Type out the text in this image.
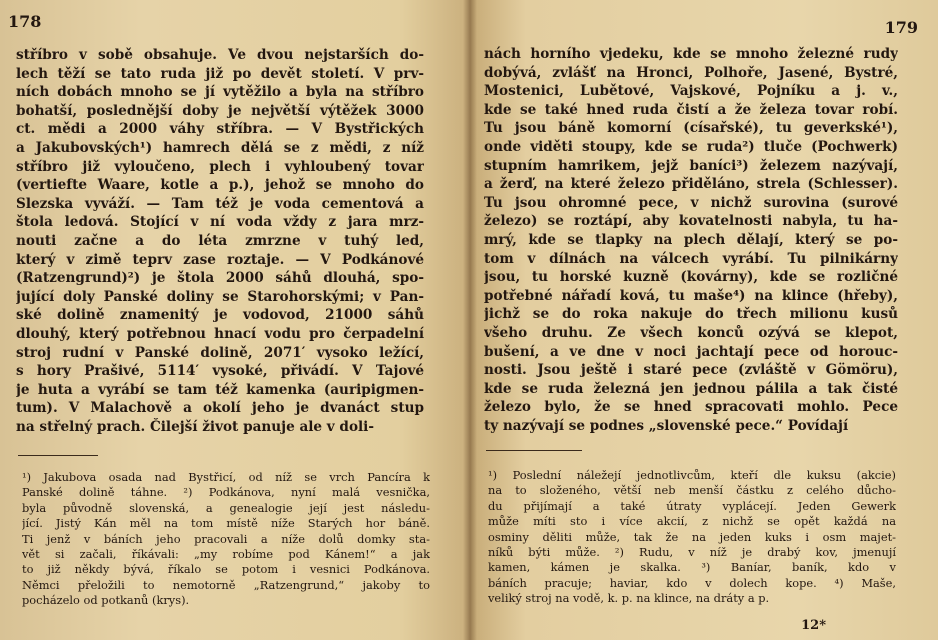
178
stříbro v sobě obsahuje. Ve dvou nejstarších do-
lech těží se tato ruda již po devět století. V prv-
ních dobách mnoho se jí vytěžilo a byla na stříbro
bohatší, poslednější doby je největší výtěžek 3000
ct. mědi a 2000 váhy stříbra. — V Bystřických
a Jakubovských¹) hamrech dělá se z mědi, z níž
stříbro již vyloučeno, plech i vyhloubený tovar
(vertiefte Waare, kotle a p.), jehož se mnoho do
Slezska vyváží. — Tam též je voda cementová a
štola ledová. Stojící v ní voda vždy z jara mrz-
nouti začne a do léta zmrzne v tuhý led,
který v zimě teprv zase roztaje. — V Podkánové
(Ratzengrund)²) je štola 2000 sáhů dlouhá, spo-
jující doly Panské doliny se Starohorskými; v Pan-
ské dolině znamenitý je vodovod, 21000 sáhů
dlouhý, který potřebnou hnací vodu pro čerpadelní
stroj rudní v Panské dolině, 2071′ vysoko ležící,
s hory Prašivé, 5114′ vysoké, přivádí. V Tajové
je huta a vyrábí se tam též kamenka (auripigmen-
tum). V Malachově a okolí jeho je dvanáct stup
na střelný prach. Čilejší život panuje ale v doli-
¹) Jakubova osada nad Bystřicí, od níž se vrch Pancíra k
Panské dolině táhne. ²) Podkánova, nyní malá vesnička,
byla původně slovenská, a genealogie její jest následu-
jící. Jistý Kán měl na tom místě níže Starých hor báně.
Ti jenž v báních jeho pracovali a níže dolů domky sta-
vět si začali, říkávali: „my robíme pod Kánem!“ a jak
to již někdy bývá, říkalo se potom i vesnici Podkánova.
Němci přeložili to nemotorně „Ratzengrund,“ jakoby to
pocházelo od potkanů (krys).
179
nách horního vjedeku, kde se mnoho železné rudy
dobývá, zvlášť na Hronci, Polhoře, Jasené, Bystré,
Mostenici, Lubětové, Vajskové, Pojníku a j. v.,
kde se také hned ruda čistí a že železa tovar robí.
Tu jsou báně komorní (císařské), tu geverkské¹),
onde viděti stoupy, kde se ruda²) tluče (Pochwerk)
stupním hamrikem, jejž baníci³) železem nazývají,
a žerď, na které železo přiděláno, strela (Schlesser).
Tu jsou ohromné pece, v nichž surovina (surové
železo) se roztápí, aby kovatelnosti nabyla, tu ha-
mrý, kde se tlapky na plech dělají, který se po-
tom v dílnách na válcech vyrábí. Tu pilnikárny
jsou, tu horské kuzně (kovárny), kde se rozličné
potřebné nářadí ková, tu maše⁴) na klince (hřeby),
jichž se do roka nakuje do třech milionu kusů
všeho druhu. Ze všech konců ozývá se klepot,
bušení, a ve dne v noci jachtají pece od horouc-
nosti. Jsou ještě i staré pece (zvláště v Gömöru),
kde se ruda železná jen jednou pálila a tak čisté
železo bylo, že se hned spracovati mohlo. Pece
ty nazývají se podnes „slovenské pece.“ Povídají
¹) Poslední náležejí jednotlivcům, kteří dle kuksu (akcie)
na to složeného, větší neb menší částku z celého důcho-
du přijímají a také útraty vyplácejí. Jeden Gewerk
může míti sto i více akcií, z nichž se opět každá na
osminy děliti může, tak že na jeden kuks i osm majet-
níků býti může. ²) Rudu, v níž je drabý kov, jmenují
kamen, kámen je skalka. ³) Baníar, baník, kdo v
báních pracuje; haviar, kdo v dolech kope. ⁴) Maše,
veliký stroj na vodě, k. p. na klince, na dráty a p.
12*
